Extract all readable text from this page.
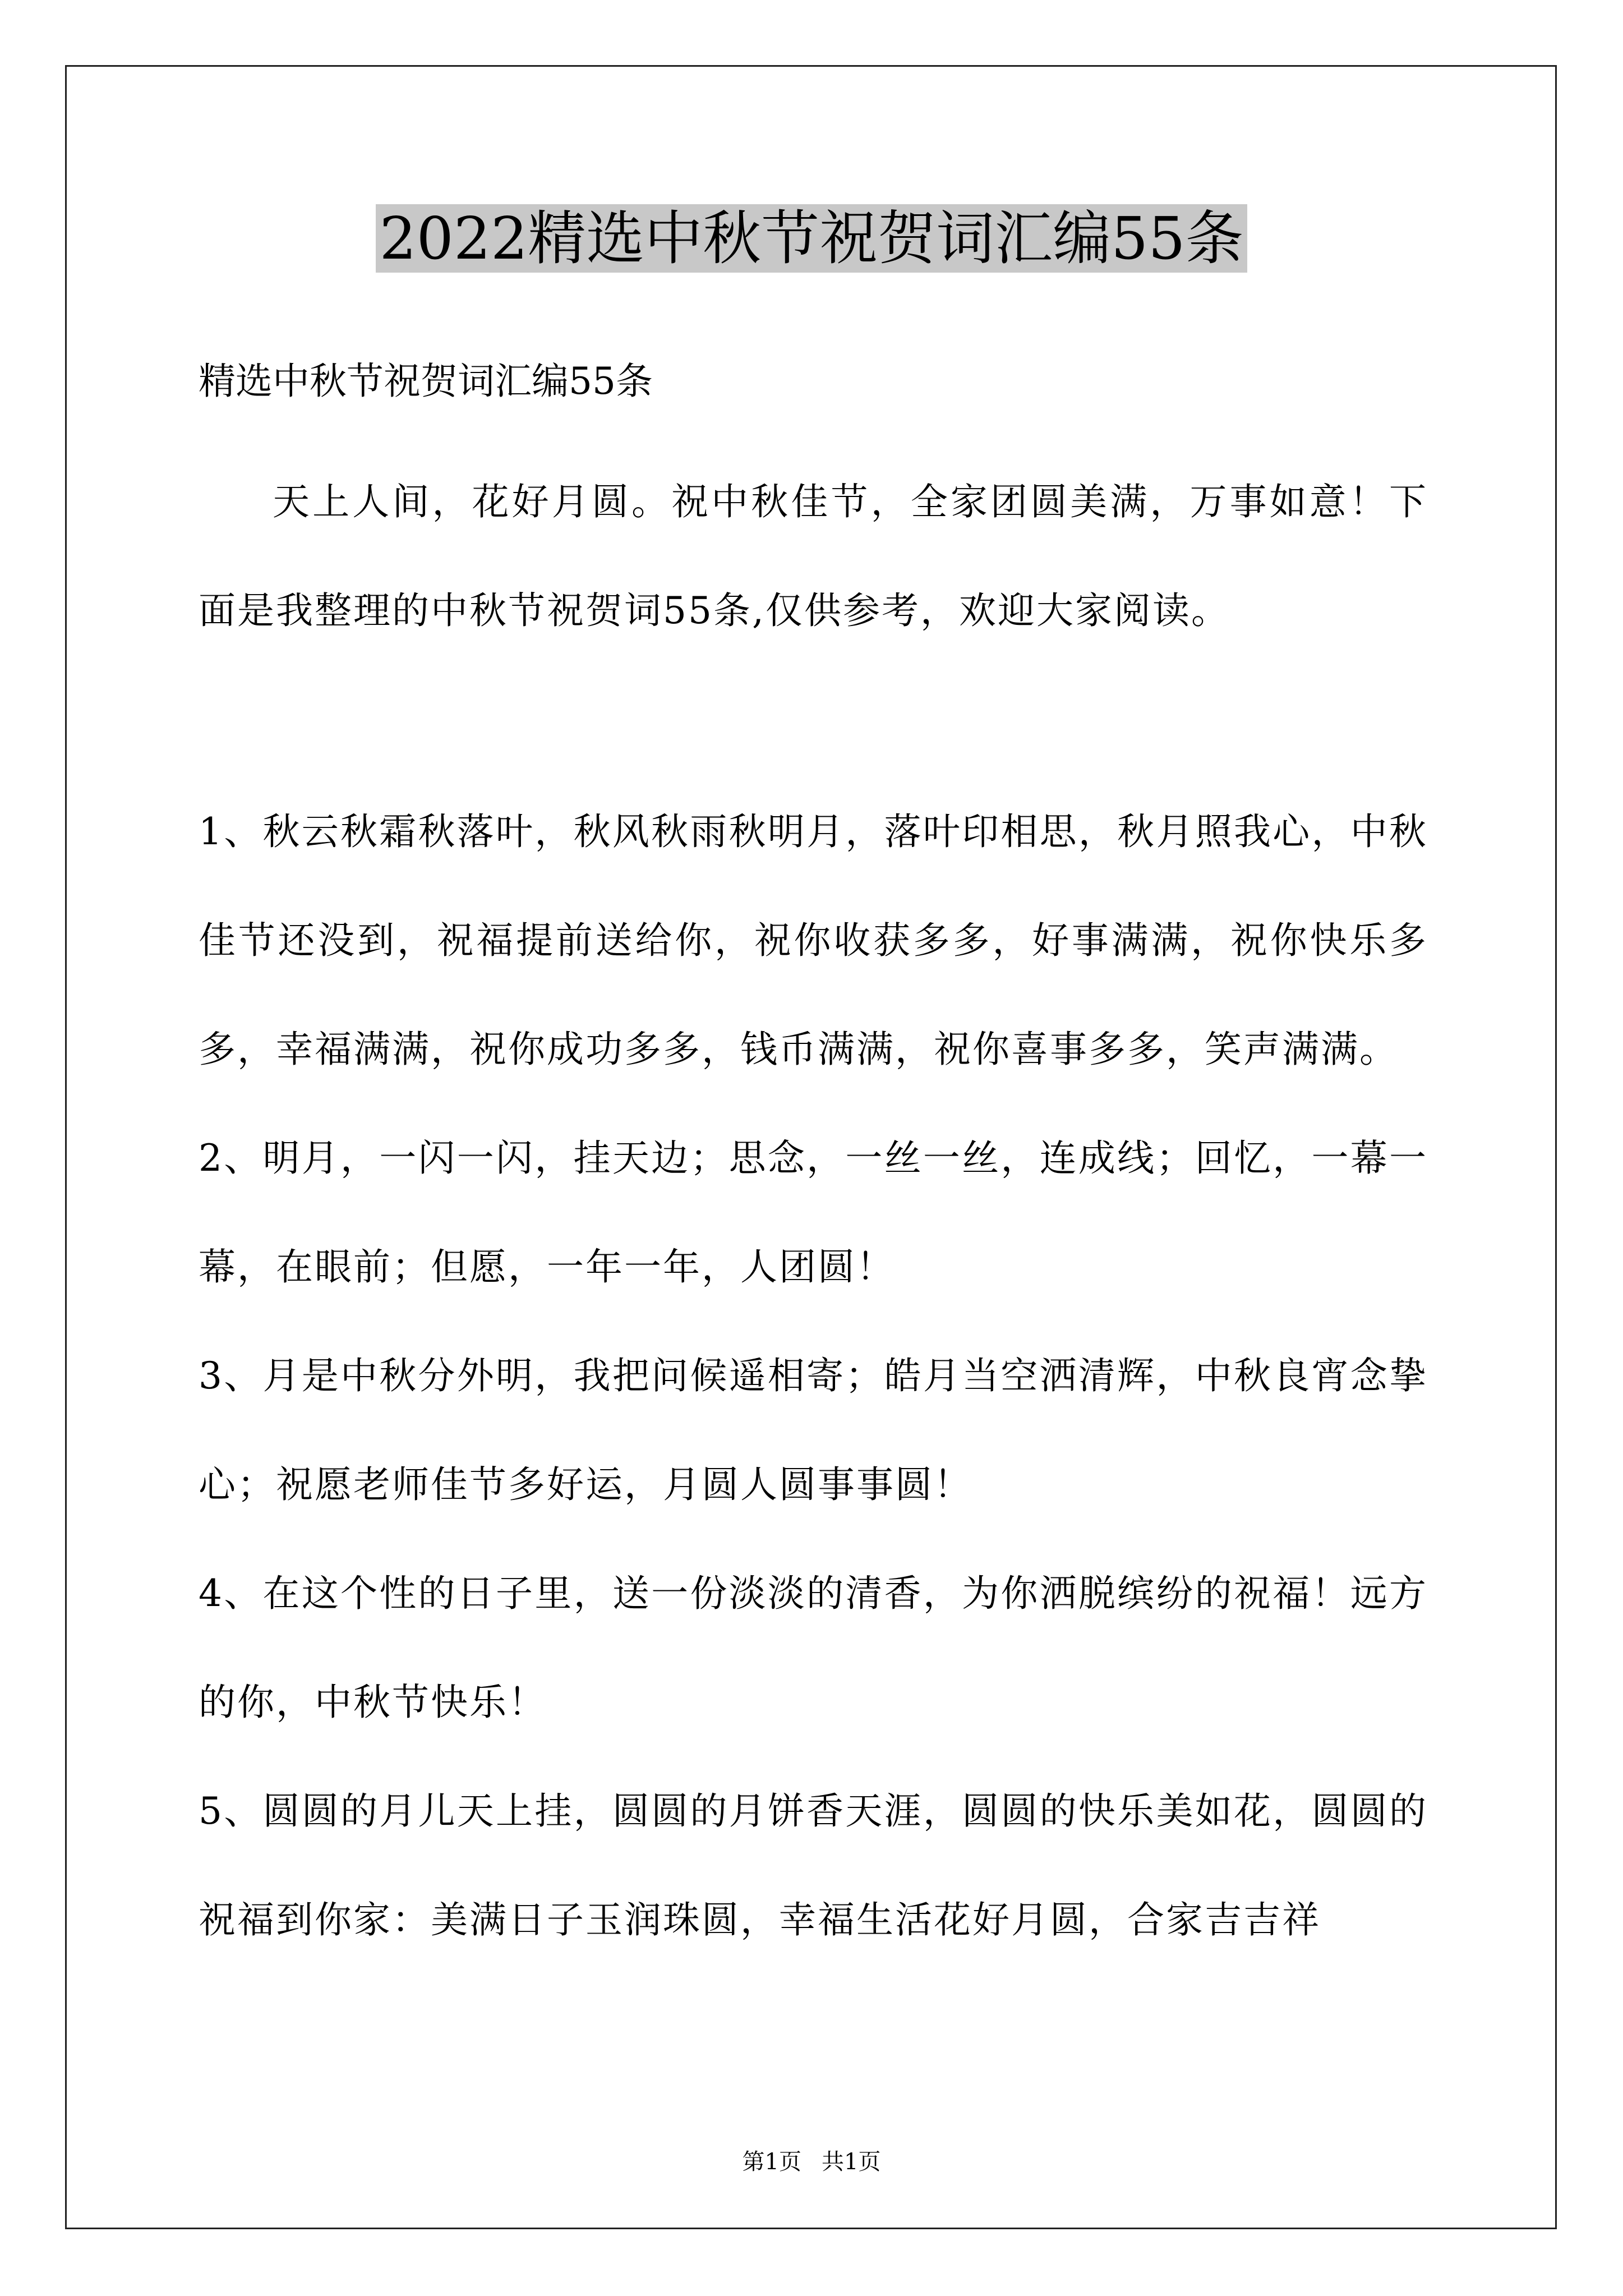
2022精选中秋节祝贺词汇编55条

精选中秋节祝贺词汇编55条

天上人间，花好月圆。祝中秋佳节，全家团圆美满，万事如意！下面是我整理的中秋节祝贺词55条,仅供参考，欢迎大家阅读。

1、秋云秋霜秋落叶，秋风秋雨秋明月，落叶印相思，秋月照我心，中秋佳节还没到，祝福提前送给你，祝你收获多多，好事满满，祝你快乐多多，幸福满满，祝你成功多多，钱币满满，祝你喜事多多，笑声满满。
2、明月，一闪一闪，挂天边；思念，一丝一丝，连成线；回忆，一幕一幕，在眼前；但愿，一年一年，人团圆！
3、月是中秋分外明，我把问候遥相寄；皓月当空洒清辉，中秋良宵念挚心；祝愿老师佳节多好运，月圆人圆事事圆！
4、在这个性的日子里，送一份淡淡的清香，为你洒脱缤纷的祝福！远方的你，中秋节快乐！
5、圆圆的月儿天上挂，圆圆的月饼香天涯，圆圆的快乐美如花，圆圆的祝福到你家：美满日子玉润珠圆，幸福生活花好月圆，合家吉吉祥
第1页 共1页
